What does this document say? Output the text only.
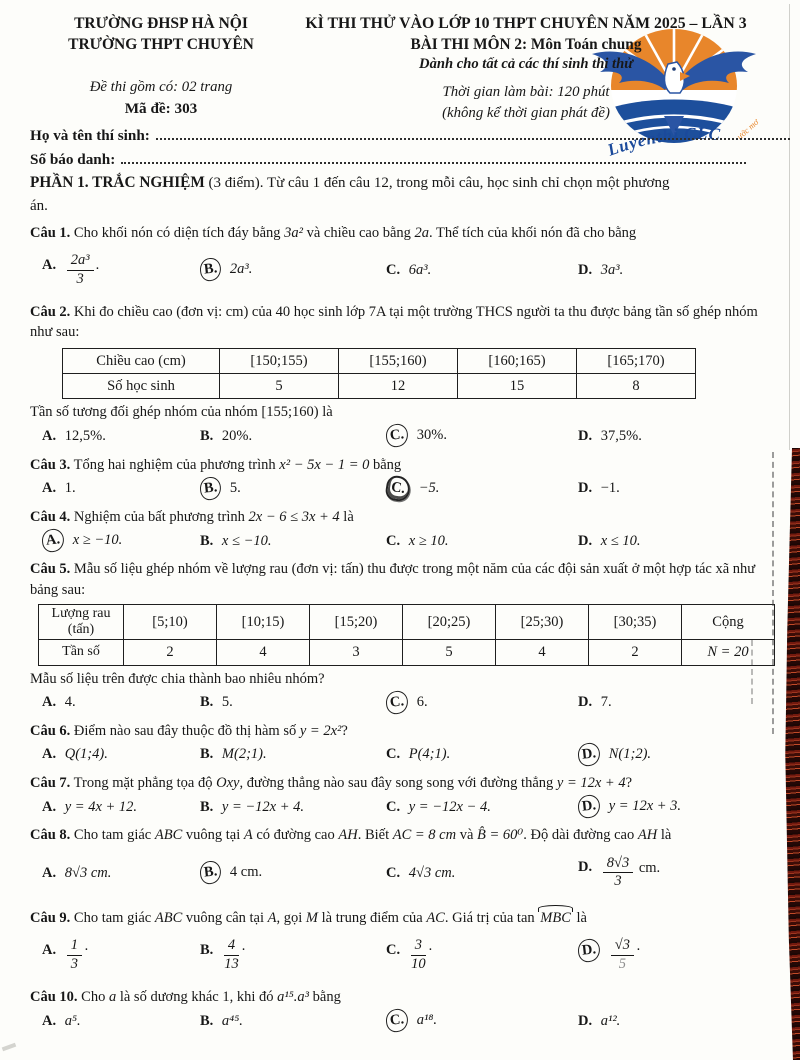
Luyenthi CLC ước mơ
TRƯỜNG ĐHSP HÀ NỘI
TRƯỜNG THPT CHUYÊN
Đề thi gồm có: 02 trang
Mã đề: 303
KÌ THI THỬ VÀO LỚP 10 THPT CHUYÊN NĂM 2025 – LẦN 3
BÀI THI MÔN 2: Môn Toán chung
Dành cho tất cả các thí sinh thi thử
Thời gian làm bài: 120 phút
(không kể thời gian phát đề)
Họ và tên thí sinh:
Số báo danh:
PHẦN 1. TRẮC NGHIỆM (3 điểm). Từ câu 1 đến câu 12, trong mỗi câu, học sinh chỉ chọn một phương
án.

Câu 1. Cho khối nón có diện tích đáy bằng 3a² và chiều cao bằng 2a. Thể tích của khối nón đã cho bằng

A. $\frac{\text{2a³}}{3}$ .	B. 2a³.	C. 6a³.	D. 3a³.

Câu 2. Khi đo chiều cao (đơn vị: cm) của 40 học sinh lớp 7A tại một trường THCS người ta thu được bảng tần số ghép nhóm như sau:

Chiều cao (cm)	[150;155)	[155;160)	[160;165)	[165;170)
Số học sinh	5	12	15	8

Tần số tương đối ghép nhóm của nhóm [155;160) là

A. 12,5%.	B. 20%.	C. 30%.	D. 37,5%.

Câu 3. Tổng hai nghiệm của phương trình x² − 5x − 1 = 0 bằng

A. 1.	B. 5.	C. −5.	D. −1.

Câu 4. Nghiệm của bất phương trình 2x − 6 ≤ 3x + 4 là

A. x ≥ −10.	B. x ≤ −10.	C. x ≥ 10.	D. x ≤ 10.

Câu 5. Mẫu số liệu ghép nhóm về lượng rau (đơn vị: tấn) thu được trong một năm của các đội sản xuất ở một hợp tác xã như bảng sau:

Lượng rau (tấn)	[5;10)	[10;15)	[15;20)	[20;25)	[25;30)	[30;35)	Cộng
Tần số	2	4	3	5	4	2	N = 20

Mẫu số liệu trên được chia thành bao nhiêu nhóm?

A. 4.	B. 5.	C. 6.	D. 7.

Câu 6. Điểm nào sau đây thuộc đồ thị hàm số y = 2x²?

A. Q(1;4).	B. M(2;1).	C. P(4;1).	D. N(1;2).

Câu 7. Trong mặt phẳng tọa độ Oxy, đường thẳng nào sau đây song song với đường thẳng y = 12x + 4?

A. y = 4x + 12.	B. y = −12x + 4.	C. y = −12x − 4.	D. y = 12x + 3.

Câu 8. Cho tam giác ABC vuông tại A có đường cao AH. Biết AC = 8 cm và B̂ = 60⁰. Độ dài đường cao AH là

A. 8√3 cm.	B. 4 cm.	C. 4√3 cm.	D. $\frac{8√3}{3}$ cm.

Câu 9. Cho tam giác ABC vuông cân tại A, gọi M là trung điểm của AC. Giá trị của tan MBC là

A. $\frac{1}{3}$ ·	B. $\frac{4}{13}$ ·	C. $\frac{3}{10}$ ·	D. $\frac{√3}{5}$ ·

Câu 10. Cho a là số dương khác 1, khi đó a¹⁵.a³ bằng

A. a⁵.	B. a⁴⁵.	C. a¹⁸.	D. a¹².
